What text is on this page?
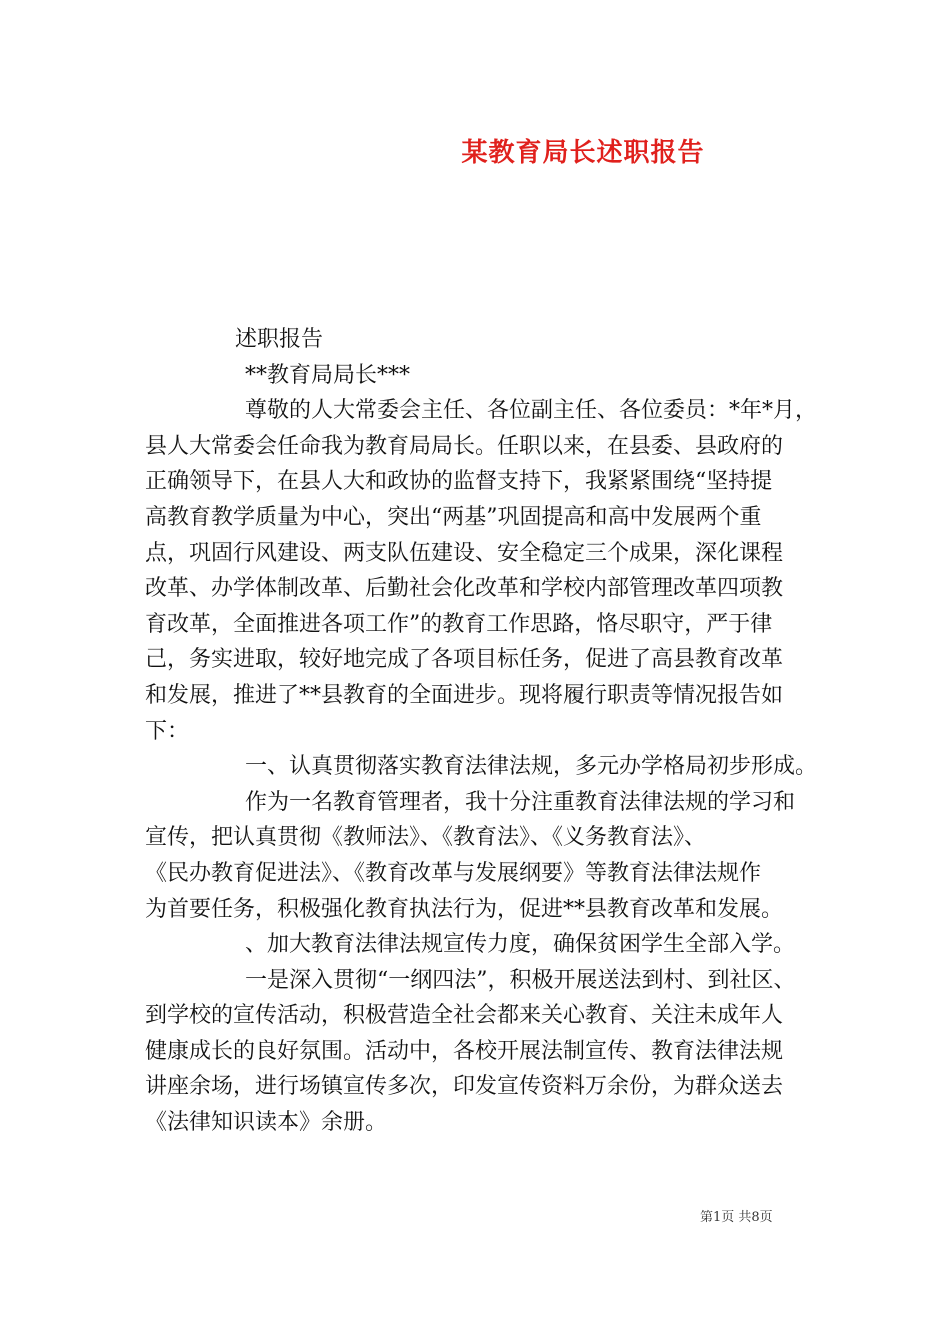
某教育局长述职报告

述职报告

**教育局局长***

尊敬的人大常委会主任、各位副主任、各位委员：*年*月，

县人大常委会任命我为教育局局长。任职以来，在县委、县政府的

正确领导下，在县人大和政协的监督支持下，我紧紧围绕“坚持提

高教育教学质量为中心，突出“两基”巩固提高和高中发展两个重

点，巩固行风建设、两支队伍建设、安全稳定三个成果，深化课程

改革、办学体制改革、后勤社会化改革和学校内部管理改革四项教

育改革，全面推进各项工作”的教育工作思路，恪尽职守，严于律

己，务实进取，较好地完成了各项目标任务，促进了高县教育改革

和发展，推进了**县教育的全面进步。现将履行职责等情况报告如

下：

一、认真贯彻落实教育法律法规，多元办学格局初步形成。

作为一名教育管理者，我十分注重教育法律法规的学习和

宣传，把认真贯彻《教师法》、《教育法》、《义务教育法》、

《民办教育促进法》、《教育改革与发展纲要》等教育法律法规作

为首要任务，积极强化教育执法行为，促进**县教育改革和发展。

、加大教育法律法规宣传力度，确保贫困学生全部入学。

一是深入贯彻“一纲四法”，积极开展送法到村、到社区、

到学校的宣传活动，积极营造全社会都来关心教育、关注未成年人

健康成长的良好氛围。活动中，各校开展法制宣传、教育法律法规

讲座余场，进行场镇宣传多次，印发宣传资料万余份，为群众送去

《法律知识读本》余册。

第1页 共8页
